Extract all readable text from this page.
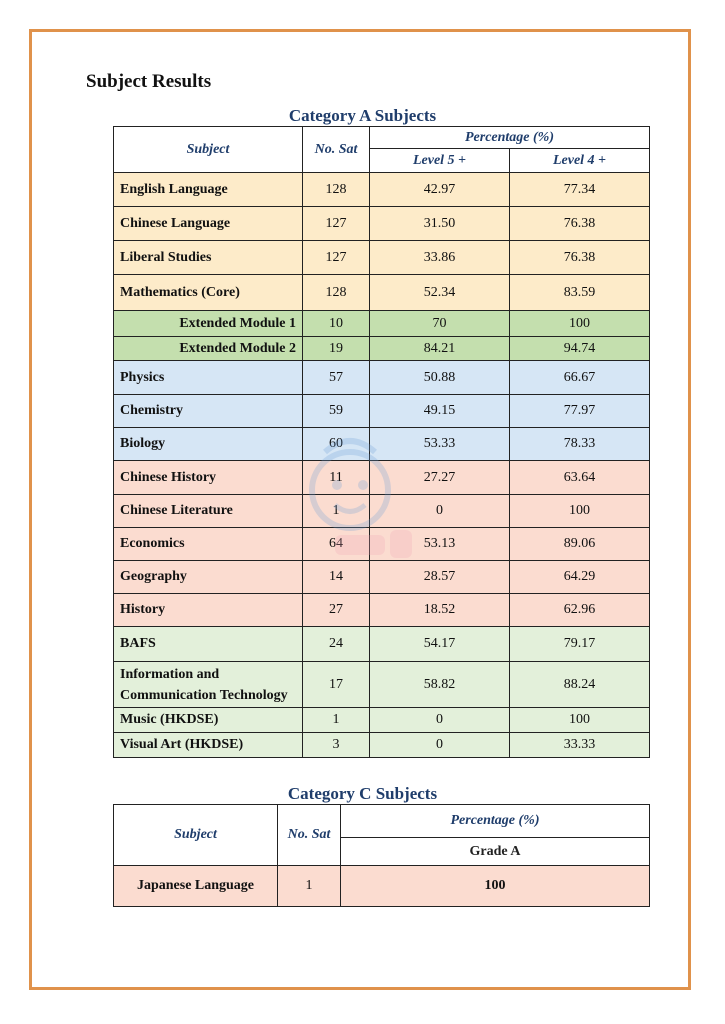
Subject Results
Category A Subjects
Subject	No. Sat	Percentage (%)	
		Level 5 +	Level 4 +
English Language	128	42.97	77.34
Chinese Language	127	31.50	76.38
Liberal Studies	127	33.86	76.38
Mathematics (Core)	128	52.34	83.59
Extended Module 1	10	70	100
Extended Module 2	19	84.21	94.74
Physics	57	50.88	66.67
Chemistry	59	49.15	77.97
Biology	60	53.33	78.33
Chinese History	11	27.27	63.64
Chinese Literature	1	0	100
Economics	64	53.13	89.06
Geography	14	28.57	64.29
History	27	18.52	62.96
BAFS	24	54.17	79.17
Information and Communication Technology	17	58.82	88.24
Music (HKDSE)	1	0	100
Visual Art (HKDSE)	3	0	33.33
Category C Subjects
Subject	No. Sat	Percentage (%)
		Grade A
Japanese Language	1	100
